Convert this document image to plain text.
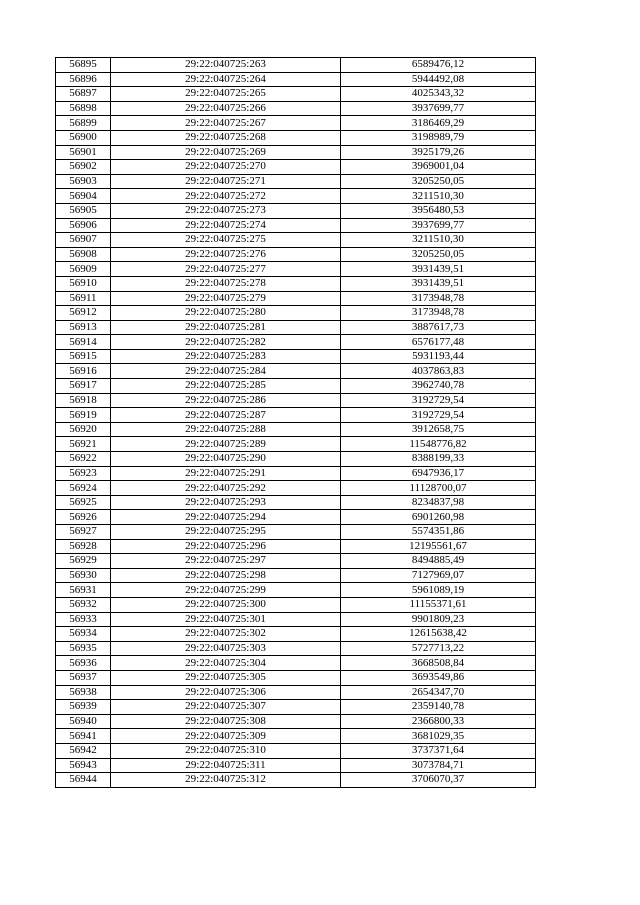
56895	29:22:040725:263	6589476,12
56896	29:22:040725:264	5944492,08
56897	29:22:040725:265	4025343,32
56898	29:22:040725:266	3937699,77
56899	29:22:040725:267	3186469,29
56900	29:22:040725:268	3198989,79
56901	29:22:040725:269	3925179,26
56902	29:22:040725:270	3969001,04
56903	29:22:040725:271	3205250,05
56904	29:22:040725:272	3211510,30
56905	29:22:040725:273	3956480,53
56906	29:22:040725:274	3937699,77
56907	29:22:040725:275	3211510,30
56908	29:22:040725:276	3205250,05
56909	29:22:040725:277	3931439,51
56910	29:22:040725:278	3931439,51
56911	29:22:040725:279	3173948,78
56912	29:22:040725:280	3173948,78
56913	29:22:040725:281	3887617,73
56914	29:22:040725:282	6576177,48
56915	29:22:040725:283	5931193,44
56916	29:22:040725:284	4037863,83
56917	29:22:040725:285	3962740,78
56918	29:22:040725:286	3192729,54
56919	29:22:040725:287	3192729,54
56920	29:22:040725:288	3912658,75
56921	29:22:040725:289	11548776,82
56922	29:22:040725:290	8388199,33
56923	29:22:040725:291	6947936,17
56924	29:22:040725:292	11128700,07
56925	29:22:040725:293	8234837,98
56926	29:22:040725:294	6901260,98
56927	29:22:040725:295	5574351,86
56928	29:22:040725:296	12195561,67
56929	29:22:040725:297	8494885,49
56930	29:22:040725:298	7127969,07
56931	29:22:040725:299	5961089,19
56932	29:22:040725:300	11155371,61
56933	29:22:040725:301	9901809,23
56934	29:22:040725:302	12615638,42
56935	29:22:040725:303	5727713,22
56936	29:22:040725:304	3668508,84
56937	29:22:040725:305	3693549,86
56938	29:22:040725:306	2654347,70
56939	29:22:040725:307	2359140,78
56940	29:22:040725:308	2366800,33
56941	29:22:040725:309	3681029,35
56942	29:22:040725:310	3737371,64
56943	29:22:040725:311	3073784,71
56944	29:22:040725:312	3706070,37
